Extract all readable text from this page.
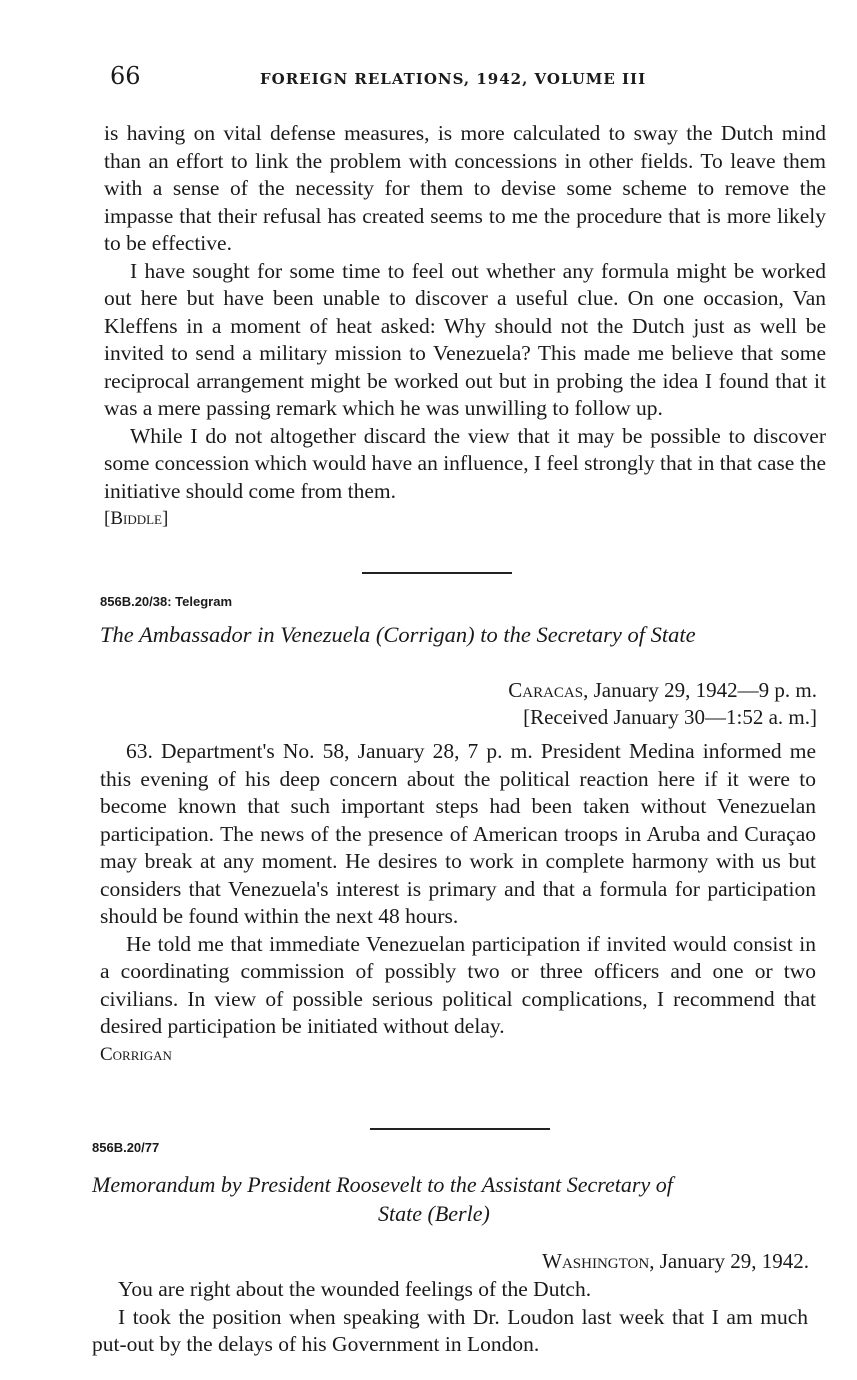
66	FOREIGN RELATIONS, 1942, VOLUME III

is having on vital defense measures, is more calculated to sway the Dutch mind than an effort to link the problem with concessions in other fields. To leave them with a sense of the necessity for them to devise some scheme to remove the impasse that their refusal has created seems to me the procedure that is more likely to be effective.

I have sought for some time to feel out whether any formula might be worked out here but have been unable to discover a useful clue. On one occasion, Van Kleffens in a moment of heat asked: Why should not the Dutch just as well be invited to send a military mission to Venezuela? This made me believe that some reciprocal arrangement might be worked out but in probing the idea I found that it was a mere passing remark which he was unwilling to follow up.

While I do not altogether discard the view that it may be possible to discover some concession which would have an influence, I feel strongly that in that case the initiative should come from them.

[Biddle]

856B.20/38: Telegram
The Ambassador in Venezuela (Corrigan) to the Secretary of State
Caracas, January 29, 1942—9 p. m.
[Received January 30—1:52 a. m.]

63. Department's No. 58, January 28, 7 p. m. President Medina informed me this evening of his deep concern about the political reaction here if it were to become known that such important steps had been taken without Venezuelan participation. The news of the presence of American troops in Aruba and Curaçao may break at any moment. He desires to work in complete harmony with us but considers that Venezuela's interest is primary and that a formula for participation should be found within the next 48 hours.

He told me that immediate Venezuelan participation if invited would consist in a coordinating commission of possibly two or three officers and one or two civilians. In view of possible serious political complications, I recommend that desired participation be initiated without delay.

Corrigan

856B.20/77
Memorandum by President Roosevelt to the Assistant Secretary of
State (Berle)
Washington, January 29, 1942.

You are right about the wounded feelings of the Dutch.

I took the position when speaking with Dr. Loudon last week that I am much put-out by the delays of his Government in London.
